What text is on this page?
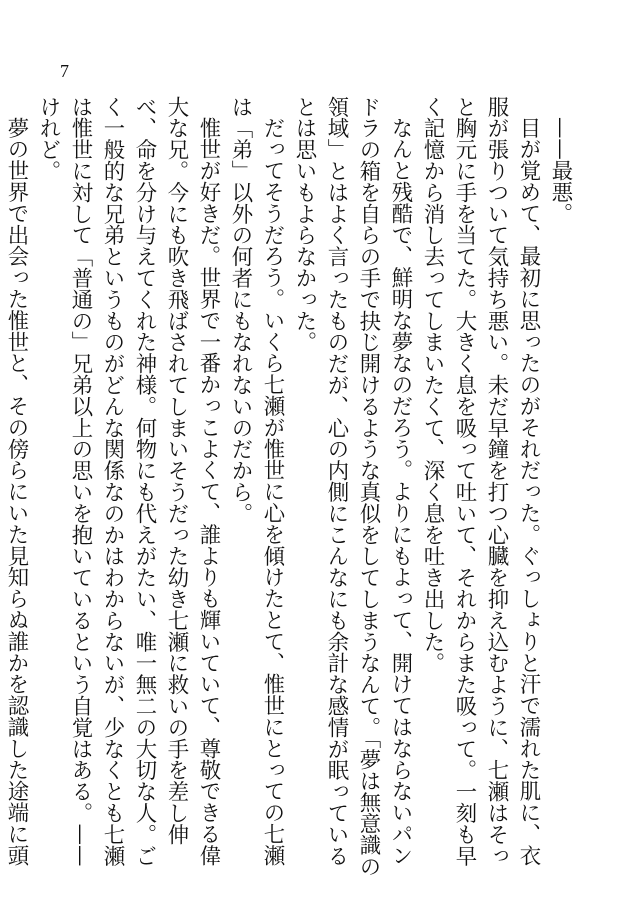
7

——最悪。

目が覚めて、最初に思ったのがそれだった。ぐっしょりと汗で濡れた肌に、衣服が張りついて気持ち悪い。未だ早鐘を打つ心臓を抑え込むように、七瀬はそっと胸元に手を当てた。大きく息を吸って吐いて、それからまた吸って。一刻も早く記憶から消し去ってしまいたくて、深く息を吐き出した。

なんと残酷で、鮮明な夢なのだろう。よりにもよって、開けてはならないパンドラの箱を自らの手で抉じ開けるような真似をしてしまうなんて。「夢は無意識の領域」とはよく言ったものだが、心の内側にこんなにも余計な感情が眠っているとは思いもよらなかった。

だってそうだろう。いくら七瀬が惟世に心を傾けたとて、惟世にとっての七瀬は「弟」以外の何者にもなれないのだから。

惟世が好きだ。世界で一番かっこよくて、誰よりも輝いていて、尊敬できる偉大な兄。今にも吹き飛ばされてしまいそうだった幼き七瀬に救いの手を差し伸べ、命を分け与えてくれた神様。何物にも代えがたい、唯一無二の大切な人。ごく一般的な兄弟というものがどんな関係なのかはわからないが、少なくとも七瀬は惟世に対して「普通の」兄弟以上の思いを抱いているという自覚はある。——けれど。

夢の世界で出会った惟世と、その傍らにいた見知らぬ誰かを認識した途端に頭
